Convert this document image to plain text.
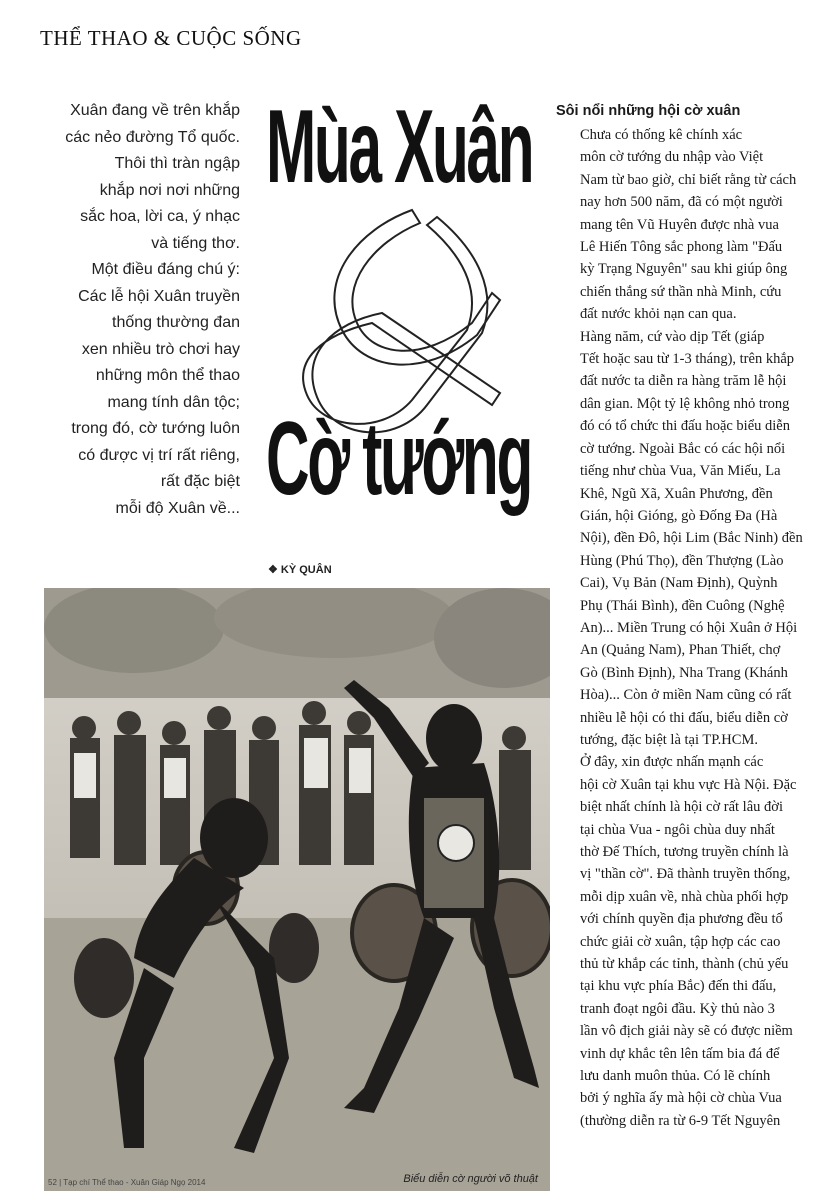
THỂ THAO & CUỘC SỐNG
Xuân đang về trên khắp
các nẻo đường Tổ quốc.
Thôi thì tràn ngập
khắp nơi nơi những
sắc hoa, lời ca, ý nhạc
và tiếng thơ.
Một điều đáng chú ý:
Các lễ hội Xuân truyền
thống thường đan
xen nhiều trò chơi hay
những môn thể thao
mang tính dân tộc;
trong đó, cờ tướng luôn
có được vị trí rất riêng,
rất đặc biệt
mỗi độ Xuân về...
Mùa Xuân
Cờ tướng
❖ KỲ QUÂN
Biểu diễn cờ người võ thuật
52 | Tạp chí Thể thao - Xuân Giáp Ngọ 2014
Sôi nổi những hội cờ xuân

Chưa có thống kê chính xác
môn cờ tướng du nhập vào Việt
Nam từ bao giờ, chỉ biết rằng từ cách
nay hơn 500 năm, đã có một người
mang tên Vũ Huyên được nhà vua
Lê Hiến Tông sắc phong làm "Đấu
kỳ Trạng Nguyên" sau khi giúp ông
chiến thắng sứ thần nhà Minh, cứu
đất nước khỏi nạn can qua.

Hàng năm, cứ vào dịp Tết (giáp
Tết hoặc sau từ 1-3 tháng), trên khắp
đất nước ta diễn ra hàng trăm lễ hội
dân gian. Một tỷ lệ không nhỏ trong
đó có tổ chức thi đấu hoặc biểu diễn
cờ tướng. Ngoài Bắc có các hội nổi
tiếng như chùa Vua, Văn Miếu, La
Khê, Ngũ Xã, Xuân Phương, đền
Gián, hội Gióng, gò Đống Đa (Hà
Nội), đền Đô, hội Lim (Bắc Ninh) đền
Hùng (Phú Thọ), đền Thượng (Lào
Cai), Vụ Bản (Nam Định), Quỳnh
Phụ (Thái Bình), đền Cuông (Nghệ
An)... Miền Trung có hội Xuân ở Hội
An (Quảng Nam), Phan Thiết, chợ
Gò (Bình Định), Nha Trang (Khánh
Hòa)... Còn ở miền Nam cũng có rất
nhiều lễ hội có thi đấu, biểu diễn cờ
tướng, đặc biệt là tại TP.HCM.

Ở đây, xin được nhấn mạnh các
hội cờ Xuân tại khu vực Hà Nội. Đặc
biệt nhất chính là hội cờ rất lâu đời
tại chùa Vua - ngôi chùa duy nhất
thờ Đế Thích, tương truyền chính là
vị "thần cờ". Đã thành truyền thống,
mỗi dịp xuân về, nhà chùa phối hợp
với chính quyền địa phương đều tổ
chức giải cờ xuân, tập hợp các cao
thủ từ khắp các tỉnh, thành (chủ yếu
tại khu vực phía Bắc) đến thi đấu,
tranh đoạt ngôi đầu. Kỳ thủ nào 3
lần vô địch giải này sẽ có được niềm
vinh dự khắc tên lên tấm bia đá để
lưu danh muôn thủa. Có lẽ chính
bởi ý nghĩa ấy mà hội cờ chùa Vua
(thường diễn ra từ 6-9 Tết Nguyên
